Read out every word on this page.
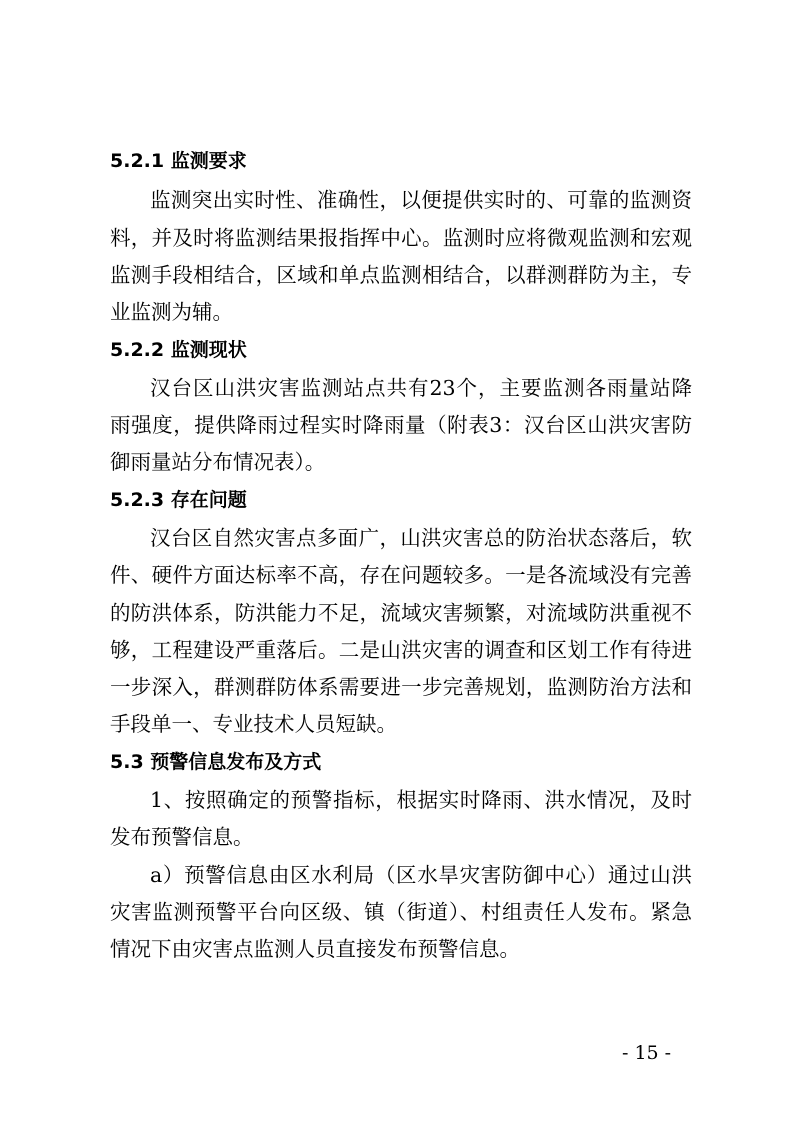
5.2.1 监测要求
监测突出实时性、准确性，以便提供实时的、可靠的监测资
料，并及时将监测结果报指挥中心。监测时应将微观监测和宏观
监测手段相结合，区域和单点监测相结合，以群测群防为主，专
业监测为辅。
5.2.2 监测现状
汉台区山洪灾害监测站点共有23个，主要监测各雨量站降
雨强度，提供降雨过程实时降雨量（附表3：汉台区山洪灾害防
御雨量站分布情况表）。
5.2.3 存在问题
汉台区自然灾害点多面广，山洪灾害总的防治状态落后，软
件、硬件方面达标率不高，存在问题较多。一是各流域没有完善
的防洪体系，防洪能力不足，流域灾害频繁，对流域防洪重视不
够，工程建设严重落后。二是山洪灾害的调查和区划工作有待进
一步深入，群测群防体系需要进一步完善规划，监测防治方法和
手段单一、专业技术人员短缺。
5.3 预警信息发布及方式
1、按照确定的预警指标，根据实时降雨、洪水情况，及时
发布预警信息。
a）预警信息由区水利局（区水旱灾害防御中心）通过山洪
灾害监测预警平台向区级、镇（街道）、村组责任人发布。紧急
情况下由灾害点监测人员直接发布预警信息。
- 15 -
